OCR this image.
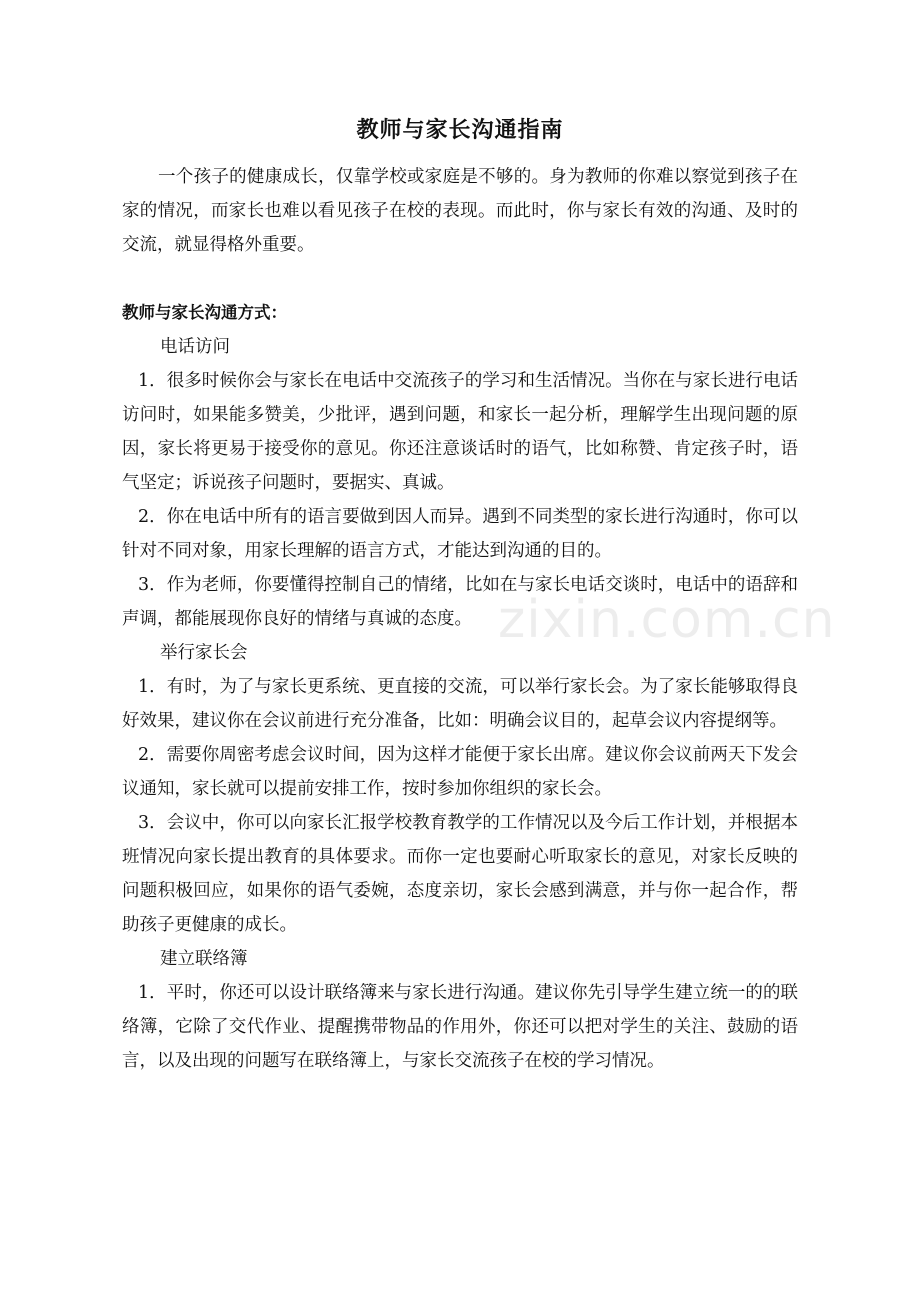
教师与家长沟通指南

一个孩子的健康成长，仅靠学校或家庭是不够的。身为教师的你难以察觉到孩子在家的情况，而家长也难以看见孩子在校的表现。而此时，你与家长有效的沟通、及时的交流，就显得格外重要。

教师与家长沟通方式：

电话访问

1．很多时候你会与家长在电话中交流孩子的学习和生活情况。当你在与家长进行电话访问时，如果能多赞美，少批评，遇到问题，和家长一起分析，理解学生出现问题的原因，家长将更易于接受你的意见。你还注意谈话时的语气，比如称赞、肯定孩子时，语气坚定；诉说孩子问题时，要据实、真诚。

2．你在电话中所有的语言要做到因人而异。遇到不同类型的家长进行沟通时，你可以针对不同对象，用家长理解的语言方式，才能达到沟通的目的。

3．作为老师，你要懂得控制自己的情绪，比如在与家长电话交谈时，电话中的语辞和声调，都能展现你良好的情绪与真诚的态度。

举行家长会

1．有时，为了与家长更系统、更直接的交流，可以举行家长会。为了家长能够取得良好效果，建议你在会议前进行充分准备，比如：明确会议目的，起草会议内容提纲等。

2．需要你周密考虑会议时间，因为这样才能便于家长出席。建议你会议前两天下发会议通知，家长就可以提前安排工作，按时参加你组织的家长会。

3．会议中，你可以向家长汇报学校教育教学的工作情况以及今后工作计划，并根据本班情况向家长提出教育的具体要求。而你一定也要耐心听取家长的意见，对家长反映的问题积极回应，如果你的语气委婉，态度亲切，家长会感到满意，并与你一起合作，帮助孩子更健康的成长。

建立联络簿

1．平时，你还可以设计联络簿来与家长进行沟通。建议你先引导学生建立统一的的联络簿，它除了交代作业、提醒携带物品的作用外，你还可以把对学生的关注、鼓励的语言，以及出现的问题写在联络簿上，与家长交流孩子在校的学习情况。

zixin.com.cn
